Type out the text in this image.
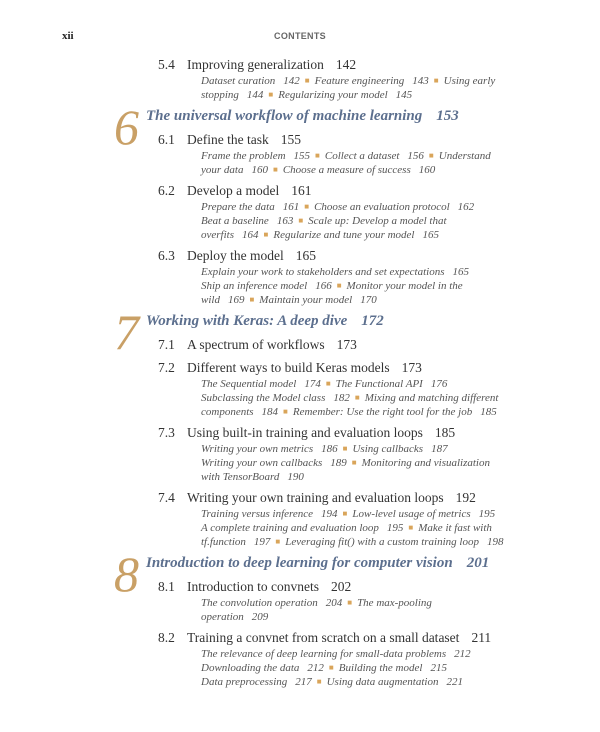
xii	CONTENTS
5.4 Improving generalization 142
Dataset curation 142 ■ Feature engineering 143 ■ Using early
stopping 144 ■ Regularizing your model 145
6 The universal workflow of machine learning 153
6.1 Define the task 155
Frame the problem 155 ■ Collect a dataset 156 ■ Understand
your data 160 ■ Choose a measure of success 160
6.2 Develop a model 161
Prepare the data 161 ■ Choose an evaluation protocol 162
Beat a baseline 163 ■ Scale up: Develop a model that
overfits 164 ■ Regularize and tune your model 165
6.3 Deploy the model 165
Explain your work to stakeholders and set expectations 165
Ship an inference model 166 ■ Monitor your model in the
wild 169 ■ Maintain your model 170
7 Working with Keras: A deep dive 172
7.1 A spectrum of workflows 173
7.2 Different ways to build Keras models 173
The Sequential model 174 ■ The Functional API 176
Subclassing the Model class 182 ■ Mixing and matching different
components 184 ■ Remember: Use the right tool for the job 185
7.3 Using built-in training and evaluation loops 185
Writing your own metrics 186 ■ Using callbacks 187
Writing your own callbacks 189 ■ Monitoring and visualization
with TensorBoard 190
7.4 Writing your own training and evaluation loops 192
Training versus inference 194 ■ Low-level usage of metrics 195
A complete training and evaluation loop 195 ■ Make it fast with
tf.function 197 ■ Leveraging fit() with a custom training loop 198
8 Introduction to deep learning for computer vision 201
8.1 Introduction to convnets 202
The convolution operation 204 ■ The max-pooling
operation 209
8.2 Training a convnet from scratch on a small dataset 211
The relevance of deep learning for small-data problems 212
Downloading the data 212 ■ Building the model 215
Data preprocessing 217 ■ Using data augmentation 221
